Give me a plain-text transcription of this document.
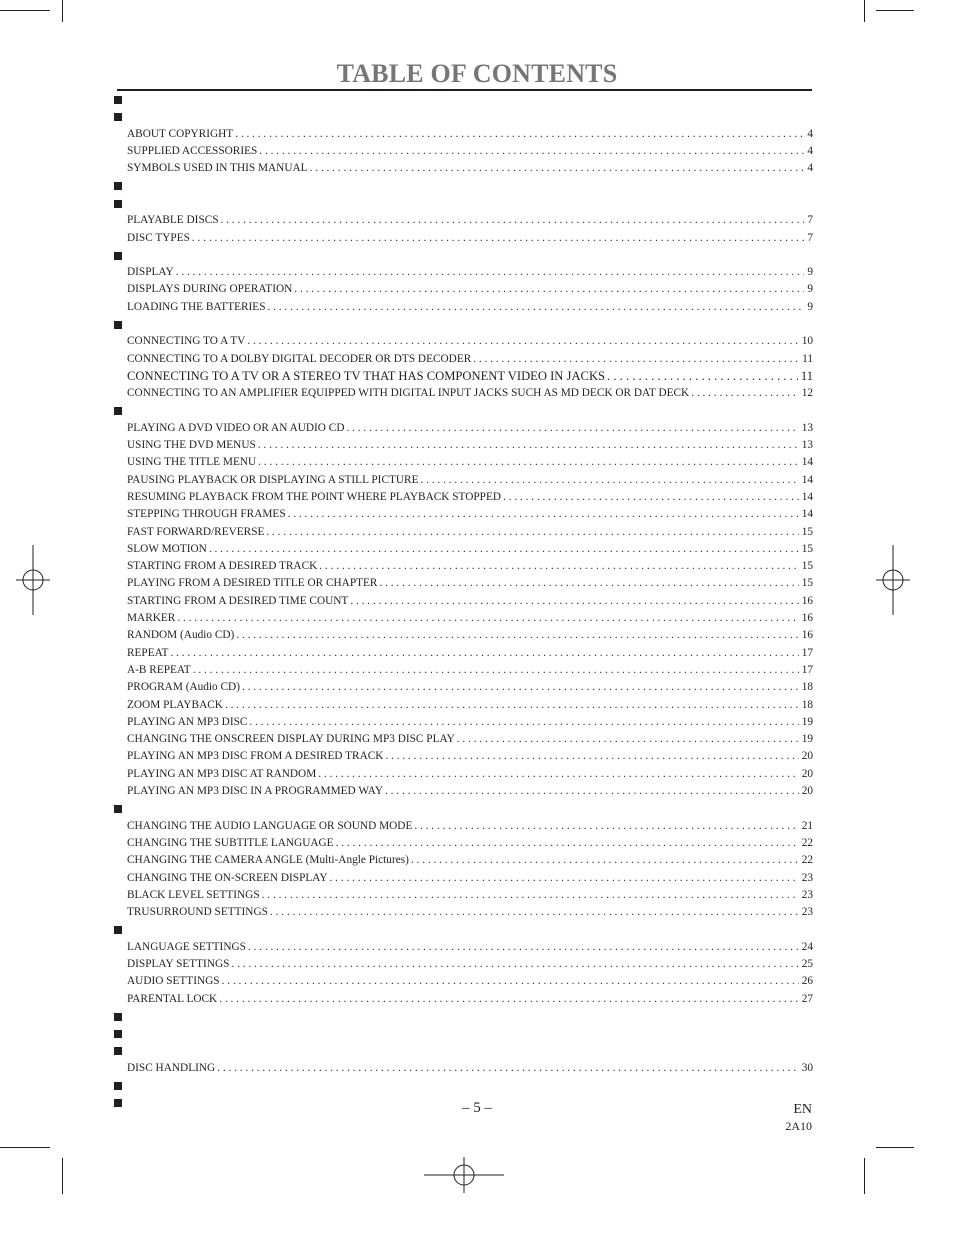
TABLE OF CONTENTS
ABOUT COPYRIGHT . . .	4
SUPPLIED ACCESSORIES . . .	4
SYMBOLS USED IN THIS MANUAL . . .	4
PLAYABLE DISCS . . .	7
DISC TYPES . . .	7
DISPLAY . . .	9
DISPLAYS DURING OPERATION . . .	9
LOADING THE BATTERIES . . .	9
CONNECTING TO A TV . . .	10
CONNECTING TO A DOLBY DIGITAL DECODER OR DTS DECODER . . .	11
CONNECTING TO A TV OR A STEREO TV THAT HAS COMPONENT VIDEO IN JACKS . . .	11
CONNECTING TO AN AMPLIFIER EQUIPPED WITH DIGITAL INPUT JACKS SUCH AS MD DECK OR DAT DECK . . .	12
PLAYING A DVD VIDEO OR AN AUDIO CD . . .	13
USING THE DVD MENUS . . .	13
USING THE TITLE MENU . . .	14
PAUSING PLAYBACK OR DISPLAYING A STILL PICTURE . . .	14
RESUMING PLAYBACK FROM THE POINT WHERE PLAYBACK STOPPED . . .	14
STEPPING THROUGH FRAMES . . .	14
FAST FORWARD/REVERSE . . .	15
SLOW MOTION . . .	15
STARTING FROM A DESIRED TRACK . . .	15
PLAYING FROM A DESIRED TITLE OR CHAPTER . . .	15
STARTING FROM A DESIRED TIME COUNT . . .	16
MARKER . . .	16
RANDOM (Audio CD) . . .	16
REPEAT . . .	17
A-B REPEAT . . .	17
PROGRAM (Audio CD) . . .	18
ZOOM PLAYBACK . . .	18
PLAYING AN MP3 DISC . . .	19
CHANGING THE ONSCREEN DISPLAY DURING MP3 DISC PLAY . . .	19
PLAYING AN MP3 DISC FROM A DESIRED TRACK . . .	20
PLAYING AN MP3 DISC AT RANDOM . . .	20
PLAYING AN MP3 DISC IN A PROGRAMMED WAY . . .	20
CHANGING THE AUDIO LANGUAGE OR SOUND MODE . . .	21
CHANGING THE SUBTITLE LANGUAGE . . .	22
CHANGING THE CAMERA ANGLE (Multi-Angle Pictures) . . .	22
CHANGING THE ON-SCREEN DISPLAY . . .	23
BLACK LEVEL SETTINGS . . .	23
TRUSURROUND SETTINGS . . .	23
LANGUAGE SETTINGS . . .	24
DISPLAY SETTINGS . . .	25
AUDIO SETTINGS . . .	26
PARENTAL LOCK . . .	27
DISC HANDLING . . .	30
– 5 –	EN
2A10
